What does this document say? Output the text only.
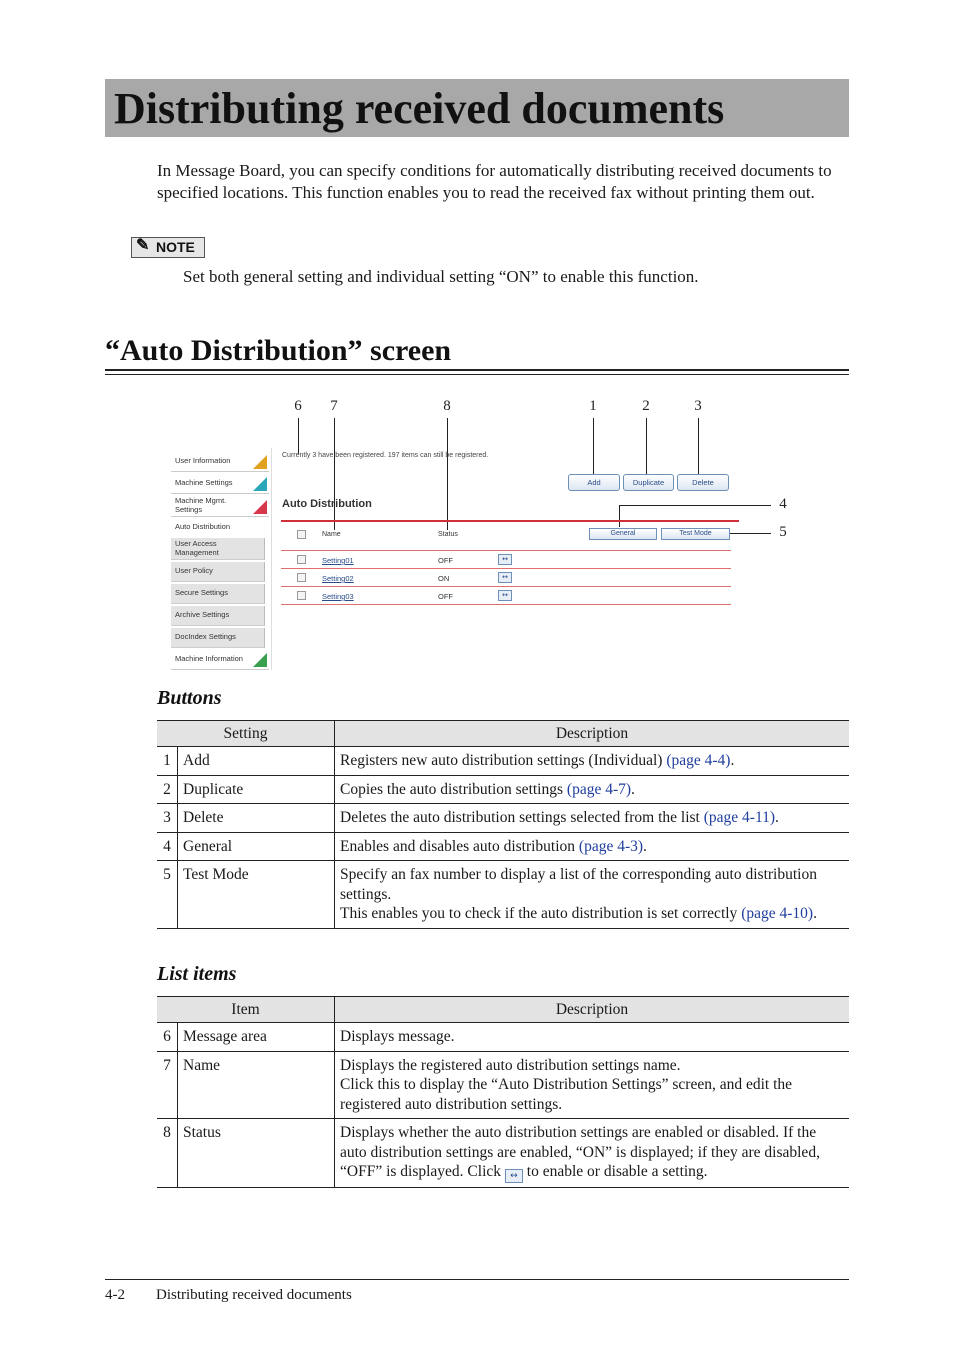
Distributing received documents
In Message Board, you can specify conditions for automatically distributing received documents to specified locations. This function enables you to read the received fax without printing them out.
✎ NOTE
Set both general setting and individual setting “ON” to enable this function.
“Auto Distribution” screen
6	7	8	1	2	3
4
5
User Information
Machine Settings
Machine Mgmt. Settings
Auto Distribution
User Access Management
User Policy
Secure Settings
Archive Settings
DocIndex Settings
Machine Information
Currently 3 have been registered. 197 items can still be registered.
Add	Duplicate	Delete
Auto Distribution
General	Test Mode
Name	Status
Setting01	OFF	↔
Setting02	ON	↔
Setting03	OFF	↔
Buttons
Setting		Description
1	Add	Registers new auto distribution settings (Individual) (page 4-4).
2	Duplicate	Copies the auto distribution settings (page 4-7).
3	Delete	Deletes the auto distribution settings selected from the list (page 4-11).
4	General	Enables and disables auto distribution (page 4-3).
5	Test Mode	Specify an fax number to display a list of the corresponding auto distribution settings.
This enables you to check if the auto distribution is set correctly (page 4-10).
List items
Item		Description
6	Message area	Displays message.
7	Name	Displays the registered auto distribution settings name.
Click this to display the “Auto Distribution Settings” screen, and edit the registered auto distribution settings.
8	Status	Displays whether the auto distribution settings are enabled or disabled. If the auto distribution settings are enabled, “ON” is displayed; if they are disabled, “OFF” is displayed. Click ↔ to enable or disable a setting.
4-2 Distributing received documents
